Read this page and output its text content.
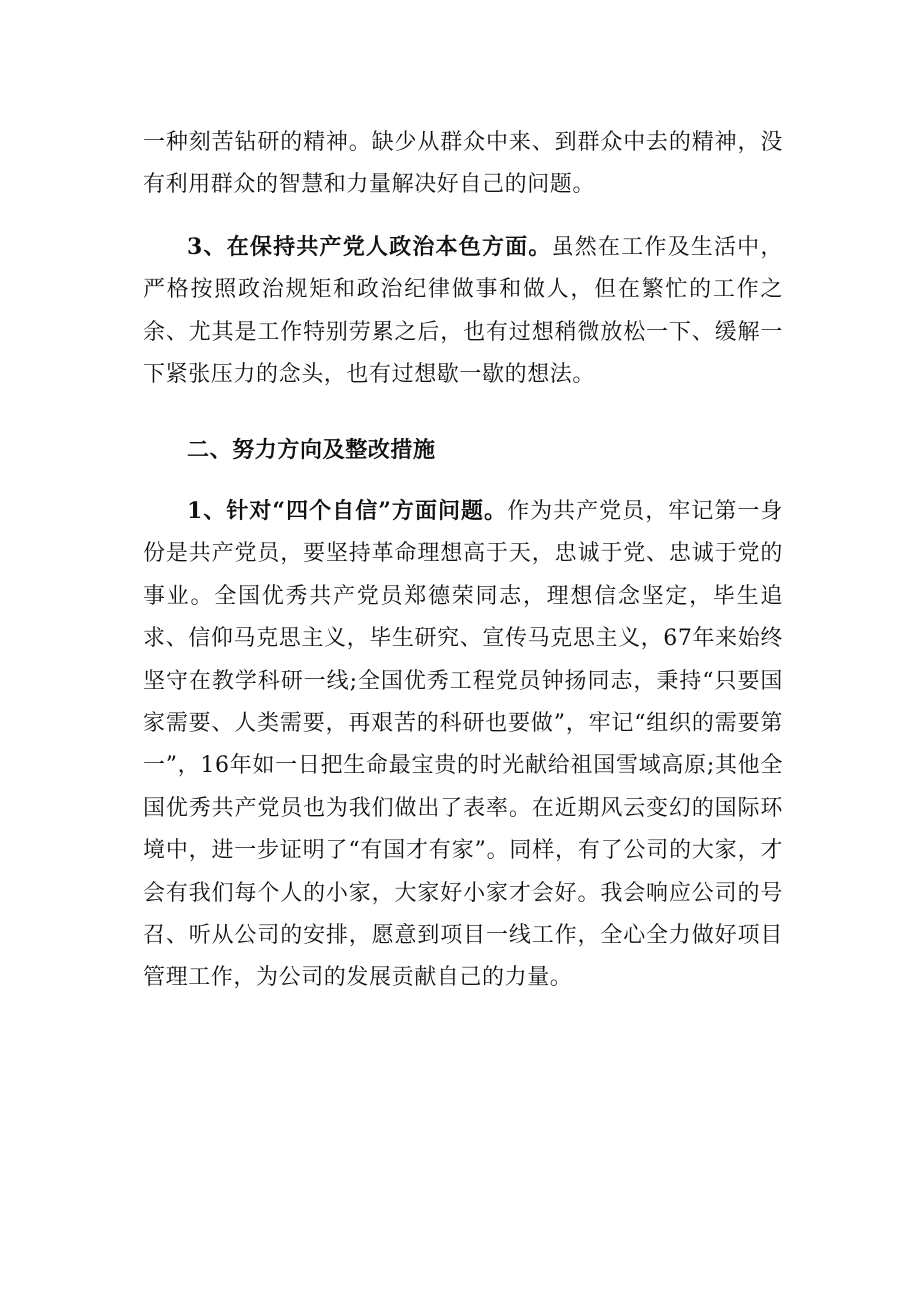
一种刻苦钻研的精神。缺少从群众中来、到群众中去的精神，没有利用群众的智慧和力量解决好自己的问题。

3、在保持共产党人政治本色方面。虽然在工作及生活中，严格按照政治规矩和政治纪律做事和做人，但在繁忙的工作之余、尤其是工作特别劳累之后，也有过想稍微放松一下、缓解一下紧张压力的念头，也有过想歇一歇的想法。

二、努力方向及整改措施

1、针对“四个自信”方面问题。作为共产党员，牢记第一身份是共产党员，要坚持革命理想高于天，忠诚于党、忠诚于党的事业。全国优秀共产党员郑德荣同志，理想信念坚定，毕生追求、信仰马克思主义，毕生研究、宣传马克思主义，67年来始终坚守在教学科研一线;全国优秀工程党员钟扬同志，秉持“只要国家需要、人类需要，再艰苦的科研也要做”，牢记“组织的需要第一”，16年如一日把生命最宝贵的时光献给祖国雪域高原;其他全国优秀共产党员也为我们做出了表率。在近期风云变幻的国际环境中，进一步证明了“有国才有家”。同样，有了公司的大家，才会有我们每个人的小家，大家好小家才会好。我会响应公司的号召、听从公司的安排，愿意到项目一线工作，全心全力做好项目管理工作，为公司的发展贡献自己的力量。
